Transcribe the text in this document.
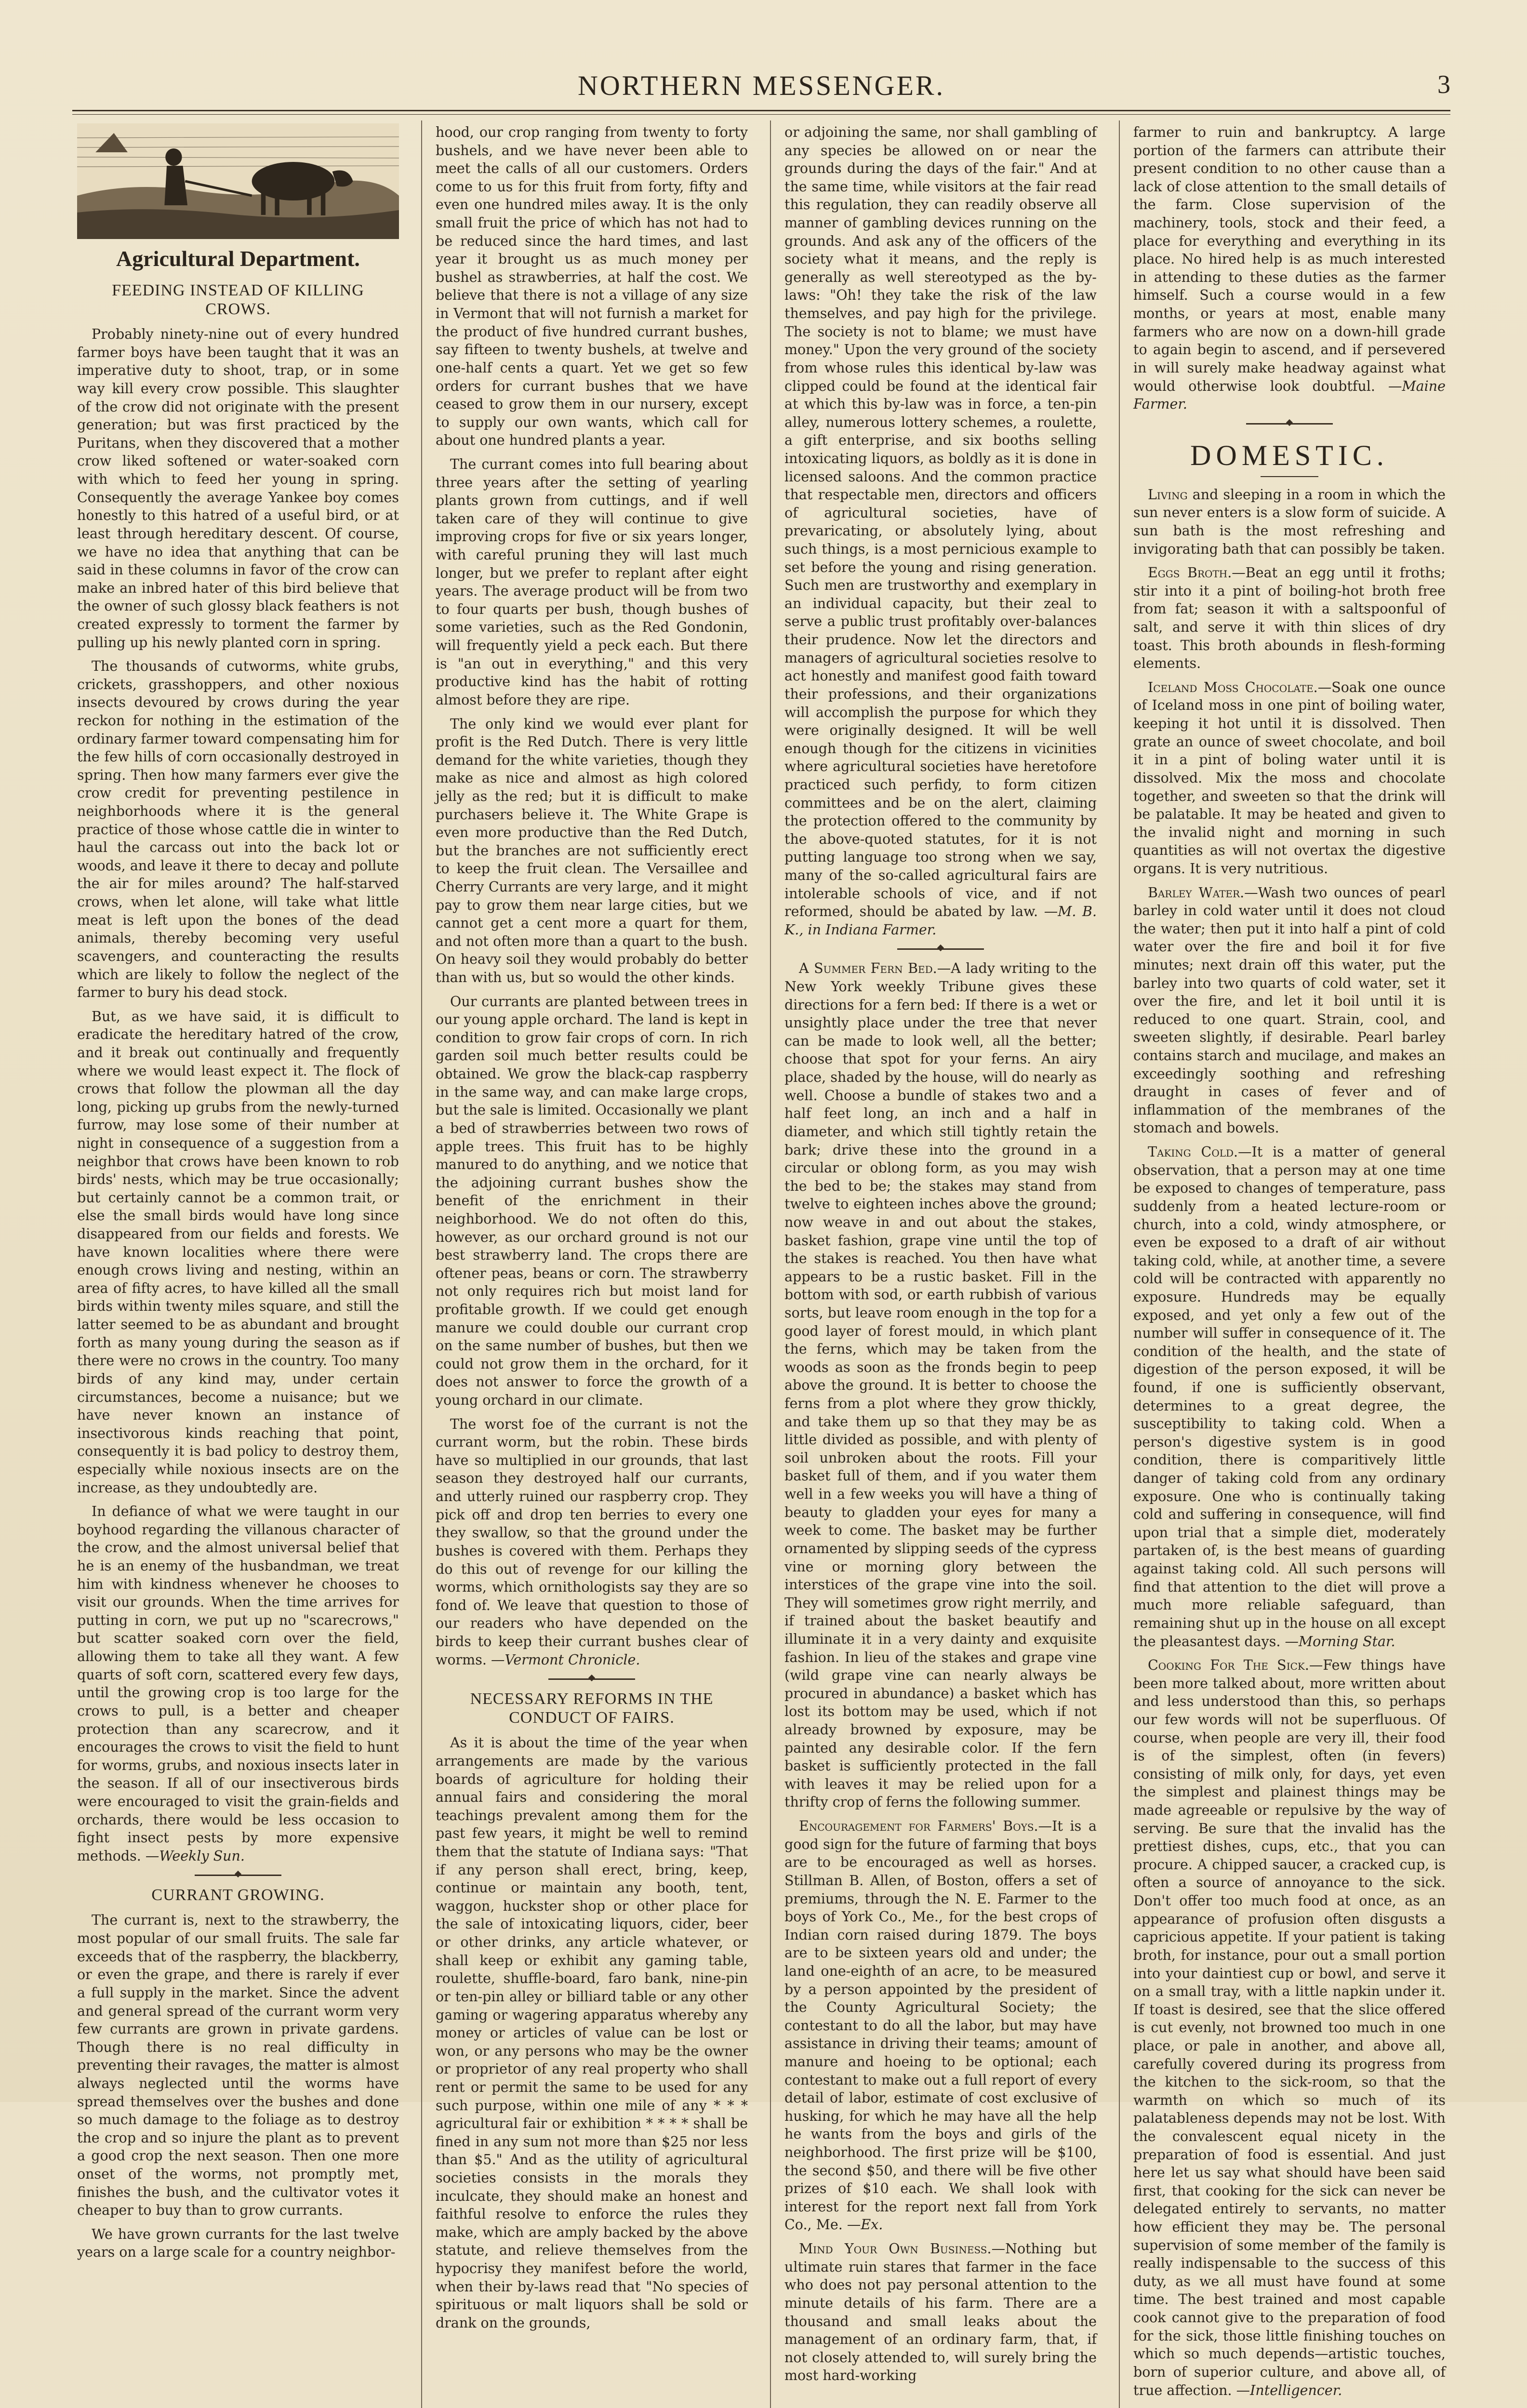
NORTHERN MESSENGER.	3
Agricultural Department.
FEEDING INSTEAD OF KILLING CROWS.

Probably ninety-nine out of every hundred farmer boys have been taught that it was an imperative duty to shoot, trap, or in some way kill every crow possible. This slaughter of the crow did not originate with the present generation; but was first practiced by the Puritans, when they discovered that a mother crow liked softened or water-soaked corn with which to feed her young in spring. Consequently the average Yankee boy comes honestly to this hatred of a useful bird, or at least through hereditary descent. Of course, we have no idea that anything that can be said in these columns in favor of the crow can make an inbred hater of this bird believe that the owner of such glossy black feathers is not created expressly to torment the farmer by pulling up his newly planted corn in spring.

The thousands of cutworms, white grubs, crickets, grasshoppers, and other noxious insects devoured by crows during the year reckon for nothing in the estimation of the ordinary farmer toward compensating him for the few hills of corn occasionally destroyed in spring. Then how many farmers ever give the crow credit for preventing pestilence in neighborhoods where it is the general practice of those whose cattle die in winter to haul the carcass out into the back lot or woods, and leave it there to decay and pollute the air for miles around? The half-starved crows, when let alone, will take what little meat is left upon the bones of the dead animals, thereby becoming very useful scavengers, and counteracting the results which are likely to follow the neglect of the farmer to bury his dead stock.

But, as we have said, it is difficult to eradicate the hereditary hatred of the crow, and it break out continually and frequently where we would least expect it. The flock of crows that follow the plowman all the day long, picking up grubs from the newly-turned furrow, may lose some of their number at night in consequence of a suggestion from a neighbor that crows have been known to rob birds' nests, which may be true occasionally; but certainly cannot be a common trait, or else the small birds would have long since disappeared from our fields and forests. We have known localities where there were enough crows living and nesting, within an area of fifty acres, to have killed all the small birds within twenty miles square, and still the latter seemed to be as abundant and brought forth as many young during the season as if there were no crows in the country. Too many birds of any kind may, under certain circumstances, become a nuisance; but we have never known an instance of insectivorous kinds reaching that point, consequently it is bad policy to destroy them, especially while noxious insects are on the increase, as they undoubtedly are.

In defiance of what we were taught in our boyhood regarding the villanous character of the crow, and the almost universal belief that he is an enemy of the husbandman, we treat him with kindness whenever he chooses to visit our grounds. When the time arrives for putting in corn, we put up no "scarecrows," but scatter soaked corn over the field, allowing them to take all they want. A few quarts of soft corn, scattered every few days, until the growing crop is too large for the crows to pull, is a better and cheaper protection than any scarecrow, and it encourages the crows to visit the field to hunt for worms, grubs, and noxious insects later in the season. If all of our insectiverous birds were encouraged to visit the grain-fields and orchards, there would be less occasion to fight insect pests by more expensive methods. —Weekly Sun.

CURRANT GROWING.

The currant is, next to the strawberry, the most popular of our small fruits. The sale far exceeds that of the raspberry, the blackberry, or even the grape, and there is rarely if ever a full supply in the market. Since the advent and general spread of the currant worm very few currants are grown in private gardens. Though there is no real difficulty in preventing their ravages, the matter is almost always neglected until the worms have spread themselves over the bushes and done so much damage to the foliage as to destroy the crop and so injure the plant as to prevent a good crop the next season. Then one more onset of the worms, not promptly met, finishes the bush, and the cultivator votes it cheaper to buy than to grow currants.

We have grown currants for the last twelve years on a large scale for a country neighbor-

hood, our crop ranging from twenty to forty bushels, and we have never been able to meet the calls of all our customers. Orders come to us for this fruit from forty, fifty and even one hundred miles away. It is the only small fruit the price of which has not had to be reduced since the hard times, and last year it brought us as much money per bushel as strawberries, at half the cost. We believe that there is not a village of any size in Vermont that will not furnish a market for the product of five hundred currant bushes, say fifteen to twenty bushels, at twelve and one-half cents a quart. Yet we get so few orders for currant bushes that we have ceased to grow them in our nursery, except to supply our own wants, which call for about one hundred plants a year.

The currant comes into full bearing about three years after the setting of yearling plants grown from cuttings, and if well taken care of they will continue to give improving crops for five or six years longer, with careful pruning they will last much longer, but we prefer to replant after eight years. The average product will be from two to four quarts per bush, though bushes of some varieties, such as the Red Gondonin, will frequently yield a peck each. But there is "an out in everything," and this very productive kind has the habit of rotting almost before they are ripe.

The only kind we would ever plant for profit is the Red Dutch. There is very little demand for the white varieties, though they make as nice and almost as high colored jelly as the red; but it is difficult to make purchasers believe it. The White Grape is even more productive than the Red Dutch, but the branches are not sufficiently erect to keep the fruit clean. The Versaillee and Cherry Currants are very large, and it might pay to grow them near large cities, but we cannot get a cent more a quart for them, and not often more than a quart to the bush. On heavy soil they would probably do better than with us, but so would the other kinds.

Our currants are planted between trees in our young apple orchard. The land is kept in condition to grow fair crops of corn. In rich garden soil much better results could be obtained. We grow the black-cap raspberry in the same way, and can make large crops, but the sale is limited. Occasionally we plant a bed of strawberries between two rows of apple trees. This fruit has to be highly manured to do anything, and we notice that the adjoining currant bushes show the benefit of the enrichment in their neighborhood. We do not often do this, however, as our orchard ground is not our best strawberry land. The crops there are oftener peas, beans or corn. The strawberry not only requires rich but moist land for profitable growth. If we could get enough manure we could double our currant crop on the same number of bushes, but then we could not grow them in the orchard, for it does not answer to force the growth of a young orchard in our climate.

The worst foe of the currant is not the currant worm, but the robin. These birds have so multiplied in our grounds, that last season they destroyed half our currants, and utterly ruined our raspberry crop. They pick off and drop ten berries to every one they swallow, so that the ground under the bushes is covered with them. Perhaps they do this out of revenge for our killing the worms, which ornithologists say they are so fond of. We leave that question to those of our readers who have depended on the birds to keep their currant bushes clear of worms. —Vermont Chronicle.

NECESSARY REFORMS IN THE CONDUCT OF FAIRS.

As it is about the time of the year when arrangements are made by the various boards of agriculture for holding their annual fairs and considering the moral teachings prevalent among them for the past few years, it might be well to remind them that the statute of Indiana says: "That if any person shall erect, bring, keep, continue or maintain any booth, tent, waggon, huckster shop or other place for the sale of intoxicating liquors, cider, beer or other drinks, any article whatever, or shall keep or exhibit any gaming table, roulette, shuffle-board, faro bank, nine-pin or ten-pin alley or billiard table or any other gaming or wagering apparatus whereby any money or articles of value can be lost or won, or any persons who may be the owner or proprietor of any real property who shall rent or permit the same to be used for any such purpose, within one mile of any * * * agricultural fair or exhibition * * * * shall be fined in any sum not more than $25 nor less than $5." And as the utility of agricultural societies consists in the morals they inculcate, they should make an honest and faithful resolve to enforce the rules they make, which are amply backed by the above statute, and relieve themselves from the hypocrisy they manifest before the world, when their by-laws read that "No species of spirituous or malt liquors shall be sold or drank on the grounds,

or adjoining the same, nor shall gambling of any species be allowed on or near the grounds during the days of the fair." And at the same time, while visitors at the fair read this regulation, they can readily observe all manner of gambling devices running on the grounds. And ask any of the officers of the society what it means, and the reply is generally as well stereotyped as the by-laws: "Oh! they take the risk of the law themselves, and pay high for the privilege. The society is not to blame; we must have money." Upon the very ground of the society from whose rules this identical by-law was clipped could be found at the identical fair at which this by-law was in force, a ten-pin alley, numerous lottery schemes, a roulette, a gift enterprise, and six booths selling intoxicating liquors, as boldly as it is done in licensed saloons. And the common practice that respectable men, directors and officers of agricultural societies, have of prevaricating, or absolutely lying, about such things, is a most pernicious example to set before the young and rising generation. Such men are trustworthy and exemplary in an individual capacity, but their zeal to serve a public trust profitably over-balances their prudence. Now let the directors and managers of agricultural societies resolve to act honestly and manifest good faith toward their professions, and their organizations will accomplish the purpose for which they were originally designed. It will be well enough though for the citizens in vicinities where agricultural societies have heretofore practiced such perfidy, to form citizen committees and be on the alert, claiming the protection offered to the community by the above-quoted statutes, for it is not putting language too strong when we say, many of the so-called agricultural fairs are intolerable schools of vice, and if not reformed, should be abated by law. —M. B. K., in Indiana Farmer.

A Summer Fern Bed.—A lady writing to the New York weekly Tribune gives these directions for a fern bed: If there is a wet or unsightly place under the tree that never can be made to look well, all the better; choose that spot for your ferns. An airy place, shaded by the house, will do nearly as well. Choose a bundle of stakes two and a half feet long, an inch and a half in diameter, and which still tightly retain the bark; drive these into the ground in a circular or oblong form, as you may wish the bed to be; the stakes may stand from twelve to eighteen inches above the ground; now weave in and out about the stakes, basket fashion, grape vine until the top of the stakes is reached. You then have what appears to be a rustic basket. Fill in the bottom with sod, or earth rubbish of various sorts, but leave room enough in the top for a good layer of forest mould, in which plant the ferns, which may be taken from the woods as soon as the fronds begin to peep above the ground. It is better to choose the ferns from a plot where they grow thickly, and take them up so that they may be as little divided as possible, and with plenty of soil unbroken about the roots. Fill your basket full of them, and if you water them well in a few weeks you will have a thing of beauty to gladden your eyes for many a week to come. The basket may be further ornamented by slipping seeds of the cypress vine or morning glory between the interstices of the grape vine into the soil. They will sometimes grow right merrily, and if trained about the basket beautify and illuminate it in a very dainty and exquisite fashion. In lieu of the stakes and grape vine (wild grape vine can nearly always be procured in abundance) a basket which has lost its bottom may be used, which if not already browned by exposure, may be painted any desirable color. If the fern basket is sufficiently protected in the fall with leaves it may be relied upon for a thrifty crop of ferns the following summer.

Encouragement for Farmers' Boys.—It is a good sign for the future of farming that boys are to be encouraged as well as horses. Stillman B. Allen, of Boston, offers a set of premiums, through the N. E. Farmer to the boys of York Co., Me., for the best crops of Indian corn raised during 1879. The boys are to be sixteen years old and under; the land one-eighth of an acre, to be measured by a person appointed by the president of the County Agricultural Society; the contestant to do all the labor, but may have assistance in driving their teams; amount of manure and hoeing to be optional; each contestant to make out a full report of every detail of labor, estimate of cost exclusive of husking, for which he may have all the help he wants from the boys and girls of the neighborhood. The first prize will be $100, the second $50, and there will be five other prizes of $10 each. We shall look with interest for the report next fall from York Co., Me. —Ex.

Mind Your Own Business.—Nothing but ultimate ruin stares that farmer in the face who does not pay personal attention to the minute details of his farm. There are a thousand and small leaks about the management of an ordinary farm, that, if not closely attended to, will surely bring the most hard-working

farmer to ruin and bankruptcy. A large portion of the farmers can attribute their present condition to no other cause than a lack of close attention to the small details of the farm. Close supervision of the machinery, tools, stock and their feed, a place for everything and everything in its place. No hired help is as much interested in attending to these duties as the farmer himself. Such a course would in a few months, or years at most, enable many farmers who are now on a down-hill grade to again begin to ascend, and if persevered in will surely make headway against what would otherwise look doubtful. —Maine Farmer.

DOMESTIC.

Living and sleeping in a room in which the sun never enters is a slow form of suicide. A sun bath is the most refreshing and invigorating bath that can possibly be taken.

Eggs Broth.—Beat an egg until it froths; stir into it a pint of boiling-hot broth free from fat; season it with a saltspoonful of salt, and serve it with thin slices of dry toast. This broth abounds in flesh-forming elements.

Iceland Moss Chocolate.—Soak one ounce of Iceland moss in one pint of boiling water, keeping it hot until it is dissolved. Then grate an ounce of sweet chocolate, and boil it in a pint of boling water until it is dissolved. Mix the moss and chocolate together, and sweeten so that the drink will be palatable. It may be heated and given to the invalid night and morning in such quantities as will not overtax the digestive organs. It is very nutritious.

Barley Water.—Wash two ounces of pearl barley in cold water until it does not cloud the water; then put it into half a pint of cold water over the fire and boil it for five minutes; next drain off this water, put the barley into two quarts of cold water, set it over the fire, and let it boil until it is reduced to one quart. Strain, cool, and sweeten slightly, if desirable. Pearl barley contains starch and mucilage, and makes an exceedingly soothing and refreshing draught in cases of fever and of inflammation of the membranes of the stomach and bowels.

Taking Cold.—It is a matter of general observation, that a person may at one time be exposed to changes of temperature, pass suddenly from a heated lecture-room or church, into a cold, windy atmosphere, or even be exposed to a draft of air without taking cold, while, at another time, a severe cold will be contracted with apparently no exposure. Hundreds may be equally exposed, and yet only a few out of the number will suffer in consequence of it. The condition of the health, and the state of digestion of the person exposed, it will be found, if one is sufficiently observant, determines to a great degree, the susceptibility to taking cold. When a person's digestive system is in good condition, there is comparitively little danger of taking cold from any ordinary exposure. One who is continually taking cold and suffering in consequence, will find upon trial that a simple diet, moderately partaken of, is the best means of guarding against taking cold. All such persons will find that attention to the diet will prove a much more reliable safeguard, than remaining shut up in the house on all except the pleasantest days. —Morning Star.

Cooking For The Sick.—Few things have been more talked about, more written about and less understood than this, so perhaps our few words will not be superfluous. Of course, when people are very ill, their food is of the simplest, often (in fevers) consisting of milk only, for days, yet even the simplest and plainest things may be made agreeable or repulsive by the way of serving. Be sure that the invalid has the prettiest dishes, cups, etc., that you can procure. A chipped saucer, a cracked cup, is often a source of annoyance to the sick. Don't offer too much food at once, as an appearance of profusion often disgusts a capricious appetite. If your patient is taking broth, for instance, pour out a small portion into your daintiest cup or bowl, and serve it on a small tray, with a little napkin under it. If toast is desired, see that the slice offered is cut evenly, not browned too much in one place, or pale in another, and above all, carefully covered during its progress from the kitchen to the sick-room, so that the warmth on which so much of its palatableness depends may not be lost. With the convalescent equal nicety in the preparation of food is essential. And just here let us say what should have been said first, that cooking for the sick can never be delegated entirely to servants, no matter how efficient they may be. The personal supervision of some member of the family is really indispensable to the success of this duty, as we all must have found at some time. The best trained and most capable cook cannot give to the preparation of food for the sick, those little finishing touches on which so much depends—artistic touches, born of superior culture, and above all, of true affection. —Intelligencer.
